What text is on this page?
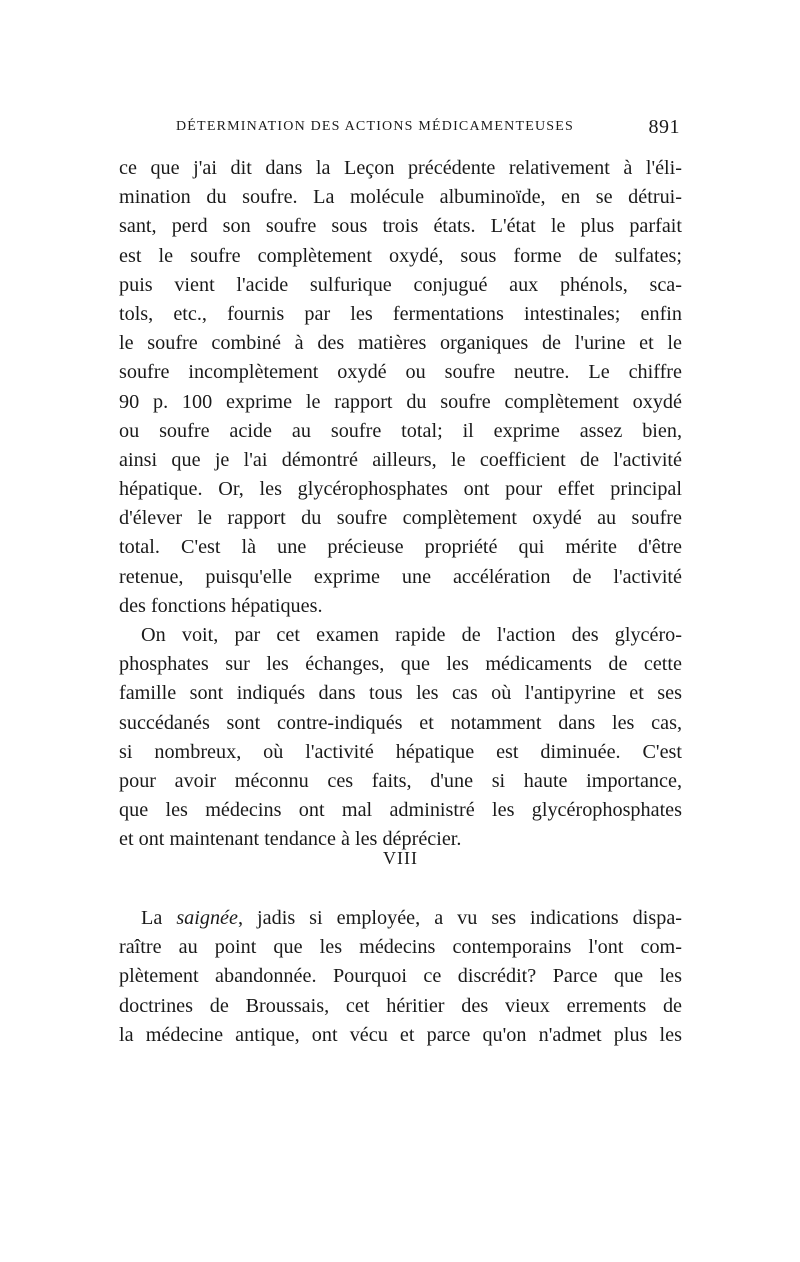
DÉTERMINATION DES ACTIONS MÉDICAMENTEUSES	891
ce que j'ai dit dans la Leçon précédente relativement à l'éli-
mination du soufre. La molécule albuminoïde, en se détrui-
sant, perd son soufre sous trois états. L'état le plus parfait
est le soufre complètement oxydé, sous forme de sulfates;
puis vient l'acide sulfurique conjugué aux phénols, sca-
tols, etc., fournis par les fermentations intestinales; enfin
le soufre combiné à des matières organiques de l'urine et le
soufre incomplètement oxydé ou soufre neutre. Le chiffre
90 p. 100 exprime le rapport du soufre complètement oxydé
ou soufre acide au soufre total; il exprime assez bien,
ainsi que je l'ai démontré ailleurs, le coefficient de l'activité
hépatique. Or, les glycérophosphates ont pour effet principal
d'élever le rapport du soufre complètement oxydé au soufre
total. C'est là une précieuse propriété qui mérite d'être
retenue, puisqu'elle exprime une accélération de l'activité
des fonctions hépatiques.
On voit, par cet examen rapide de l'action des glycéro-
phosphates sur les échanges, que les médicaments de cette
famille sont indiqués dans tous les cas où l'antipyrine et ses
succédanés sont contre-indiqués et notamment dans les cas,
si nombreux, où l'activité hépatique est diminuée. C'est
pour avoir méconnu ces faits, d'une si haute importance,
que les médecins ont mal administré les glycérophosphates
et ont maintenant tendance à les déprécier.
VIII
La saignée, jadis si employée, a vu ses indications dispa-
raître au point que les médecins contemporains l'ont com-
plètement abandonnée. Pourquoi ce discrédit? Parce que les
doctrines de Broussais, cet héritier des vieux errements de
la médecine antique, ont vécu et parce qu'on n'admet plus les
